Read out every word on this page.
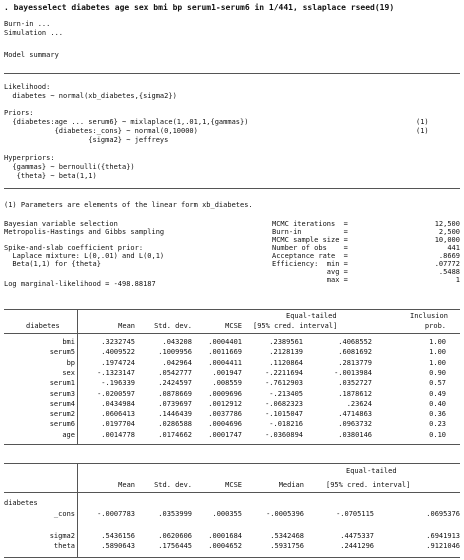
. bayesselect diabetes age sex bmi bp serum1-serum6 in 1/441, sslaplace rseed(19)
Burn-in ...
Simulation ...
Model summary
Likelihood:
diabetes ~ normal(xb_diabetes,{sigma2})
Priors:
{diabetes:age ... serum6} ~ mixlaplace(1,.01,1,{gammas})
{diabetes:_cons} ~ normal(0,10000)
{sigma2} ~ jeffreys
(1)
(1)
Hyperpriors:
{gammas} ~ bernoulli({theta})
{theta} ~ beta(1,1)
(1) Parameters are elements of the linear form xb_diabetes.
Bayesian variable selection
Metropolis-Hastings and Gibbs sampling
Spike-and-slab coefficient prior:
Laplace mixture: L(0,.01) and L(0,1)
Beta(1,1) for {theta}
Log marginal-likelihood = -498.88187
MCMC iterations  =	12,500
Burn-in          =	2,500
MCMC sample size =	10,000
Number of obs    =	441
Acceptance rate  =	.8669
Efficiency:  min =	.07772
avg =	.5488
max =	1
Equal-tailed	Inclusion
diabetes	Mean	Std. dev.	MCSE [95% cred. interval]	prob.
bmi	.3232745	.043208 .0004401	.2389561	.4068552	1.00
serum5	.4009522	.1009956 .0011669	.2128139	.6081692	1.00
bp	.1974724	.042964 .0004411	.1120864	.2813779	1.00
sex	-.1323147	.0542777	.001947	-.2211694	-.0013984	0.90
serum1	-.196339	.2424597	.008559	-.7612903	.0352727	0.57
serum3	-.0200597	.0878669 .0009696	-.213405	.1878612	0.49
serum4	.0434984	.0739697 .0012912	-.0682323	.23624	0.40
serum2	.0606413	.1446439 .0037786	-.1015047	.4714863	0.36
serum6	.0197704	.0286588 .0004696	-.018216	.0963732	0.23
age	.0014778	.0174662 .0001747	-.0360894	.0380146	0.10
Equal-tailed
Mean	Std. dev.	MCSE	Median	[95% cred. interval]
diabetes
_cons	-.0007783	.0353999	.000355	-.0005396	-.0705115	.0695376
sigma2	.5436156	.0620606 .0001684	.5342468	.4475337	.6941913
theta	.5890643	.1756445 .0004652	.5931756	.2441296	.9121046
